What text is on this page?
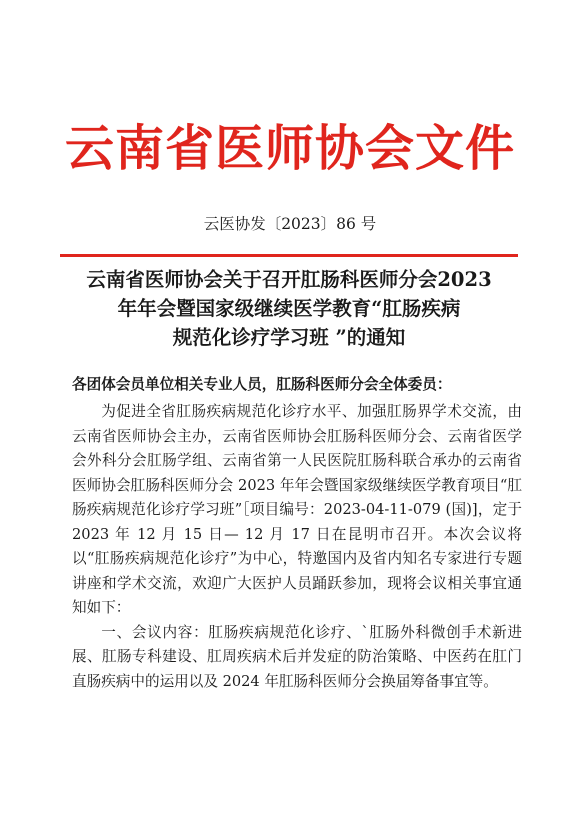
云南省医师协会文件
云医协发〔2023〕86 号
云南省医师协会关于召开肛肠科医师分会2023
年年会暨国家级继续医学教育“肛肠疾病
规范化诊疗学习班 ”的通知
各团体会员单位相关专业人员，肛肠科医师分会全体委员：

为促进全省肛肠疾病规范化诊疗水平、加强肛肠界学术交流，由云南省医师协会主办，云南省医师协会肛肠科医师分会、云南省医学会外科分会肛肠学组、云南省第一人民医院肛肠科联合承办的云南省医师协会肛肠科医师分会 2023 年年会暨国家级继续医学教育项目“肛肠疾病规范化诊疗学习班”［项目编号：2023-04-11-079 (国)]，定于 2023 年 12 月 15 日— 12 月 17 日在昆明市召开。本次会议将以“肛肠疾病规范化诊疗”为中心，特邀国内及省内知名专家进行专题讲座和学术交流，欢迎广大医护人员踊跃参加，现将会议相关事宜通知如下：

一、会议内容：肛肠疾病规范化诊疗、`肛肠外科微创手术新进展、肛肠专科建设、肛周疾病术后并发症的防治策略、中医药在肛门直肠疾病中的运用以及 2024 年肛肠科医师分会换届筹备事宜等。
